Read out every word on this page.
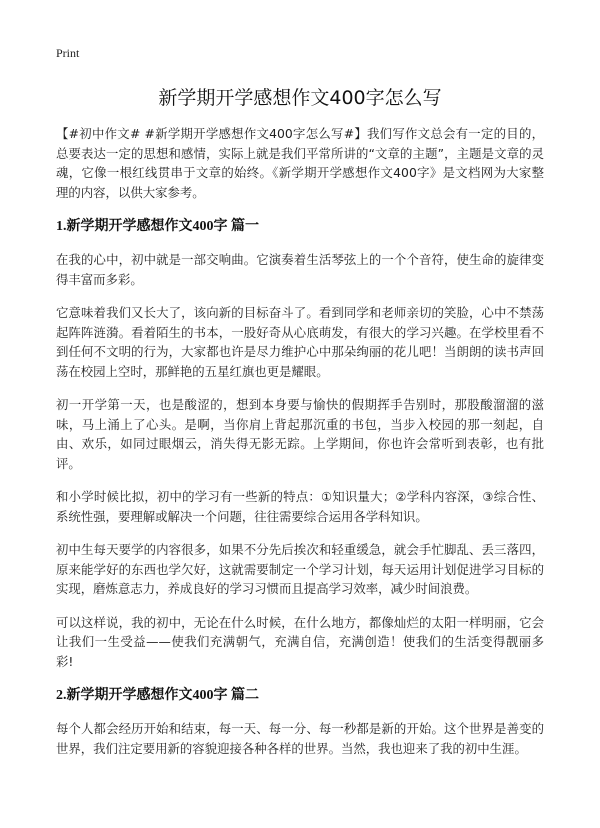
Print
新学期开学感想作文400字怎么写

【#初中作文# #新学期开学感想作文400字怎么写#】我们写作文总会有一定的目的，总要表达一定的思想和感情，实际上就是我们平常所讲的“文章的主题”，主题是文章的灵魂，它像一根红线贯串于文章的始终。《新学期开学感想作文400字》是文档网为大家整理的内容，以供大家参考。

1.新学期开学感想作文400字 篇一

在我的心中，初中就是一部交响曲。它演奏着生活琴弦上的一个个音符，使生命的旋律变得丰富而多彩。

它意味着我们又长大了，该向新的目标奋斗了。看到同学和老师亲切的笑脸，心中不禁荡起阵阵涟漪。看着陌生的书本，一股好奇从心底萌发，有很大的学习兴趣。在学校里看不到任何不文明的行为，大家都也许是尽力维护心中那朵绚丽的花儿吧！当朗朗的读书声回荡在校园上空时，那鲜艳的五星红旗也更是耀眼。

初一开学第一天，也是酸涩的，想到本身要与愉快的假期挥手告别时，那股酸溜溜的滋味，马上涌上了心头。是啊，当你肩上背起那沉重的书包，当步入校园的那一刻起，自由、欢乐，如同过眼烟云，消失得无影无踪。上学期间，你也许会常听到表彰，也有批评。

和小学时候比拟，初中的学习有一些新的特点：①知识量大；②学科内容深，③综合性、系统性强，要理解或解决一个问题，往往需要综合运用各学科知识。

初中生每天要学的内容很多，如果不分先后挨次和轻重缓急，就会手忙脚乱、丢三落四，原来能学好的东西也学欠好，这就需要制定一个学习计划，每天运用计划促进学习目标的实现，磨炼意志力，养成良好的学习习惯而且提高学习效率，减少时间浪费。

可以这样说，我的初中，无论在什么时候，在什么地方，都像灿烂的太阳一样明丽，它会让我们一生受益——使我们充满朝气，充满自信，充满创造！使我们的生活变得靓丽多彩!

2.新学期开学感想作文400字 篇二

每个人都会经历开始和结束，每一天、每一分、每一秒都是新的开始。这个世界是善变的世界，我们注定要用新的容貌迎接各种各样的世界。当然，我也迎来了我的初中生涯。
